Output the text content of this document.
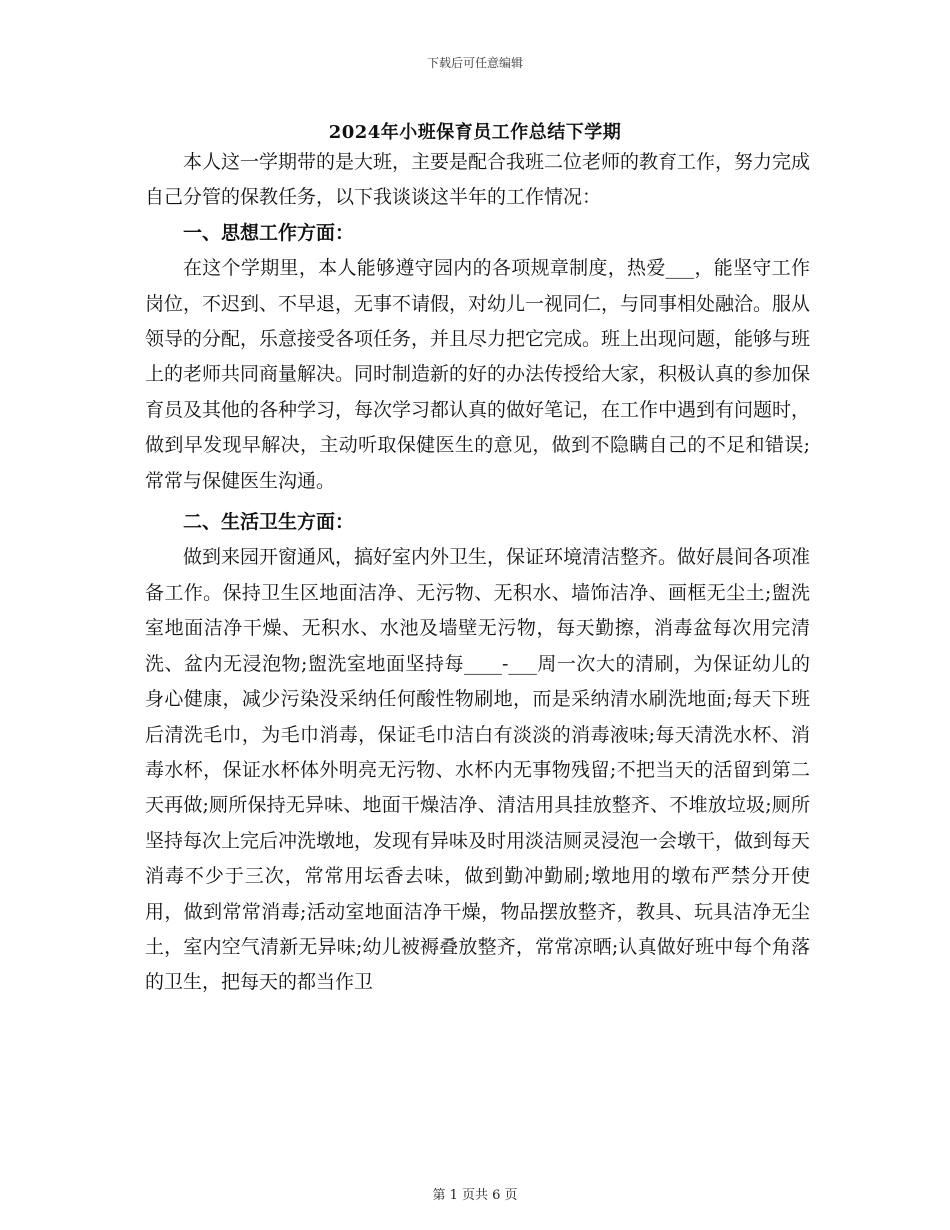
下载后可任意编辑
2024年小班保育员工作总结下学期

本人这一学期带的是大班，主要是配合我班二位老师的教育工作，努力完成自己分管的保教任务，以下我谈谈这半年的工作情况：

一、思想工作方面：

在这个学期里，本人能够遵守园内的各项规章制度，热爱___，能坚守工作岗位，不迟到、不早退，无事不请假，对幼儿一视同仁，与同事相处融洽。服从领导的分配，乐意接受各项任务，并且尽力把它完成。班上出现问题，能够与班上的老师共同商量解决。同时制造新的好的办法传授给大家，积极认真的参加保育员及其他的各种学习，每次学习都认真的做好笔记，在工作中遇到有问题时，做到早发现早解决，主动听取保健医生的意见，做到不隐瞒自己的不足和错误;常常与保健医生沟通。

二、生活卫生方面：

做到来园开窗通风，搞好室内外卫生，保证环境清洁整齐。做好晨间各项准备工作。保持卫生区地面洁净、无污物、无积水、墙饰洁净、画框无尘土;盥洗室地面洁净干燥、无积水、水池及墙壁无污物，每天勤擦，消毒盆每次用完清洗、盆内无浸泡物;盥洗室地面坚持每____-___周一次大的清刷，为保证幼儿的身心健康，减少污染没采纳任何酸性物刷地，而是采纳清水刷洗地面;每天下班后清洗毛巾，为毛巾消毒，保证毛巾洁白有淡淡的消毒液味;每天清洗水杯、消毒水杯，保证水杯体外明亮无污物、水杯内无事物残留;不把当天的活留到第二天再做;厕所保持无异味、地面干燥洁净、清洁用具挂放整齐、不堆放垃圾;厕所坚持每次上完后冲洗墩地，发现有异味及时用淡洁厕灵浸泡一会墩干，做到每天消毒不少于三次，常常用坛香去味，做到勤冲勤刷;墩地用的墩布严禁分开使用，做到常常消毒;活动室地面洁净干燥，物品摆放整齐，教具、玩具洁净无尘土，室内空气清新无异味;幼儿被褥叠放整齐，常常凉晒;认真做好班中每个角落的卫生，把每天的都当作卫

第 1 页共 6 页
